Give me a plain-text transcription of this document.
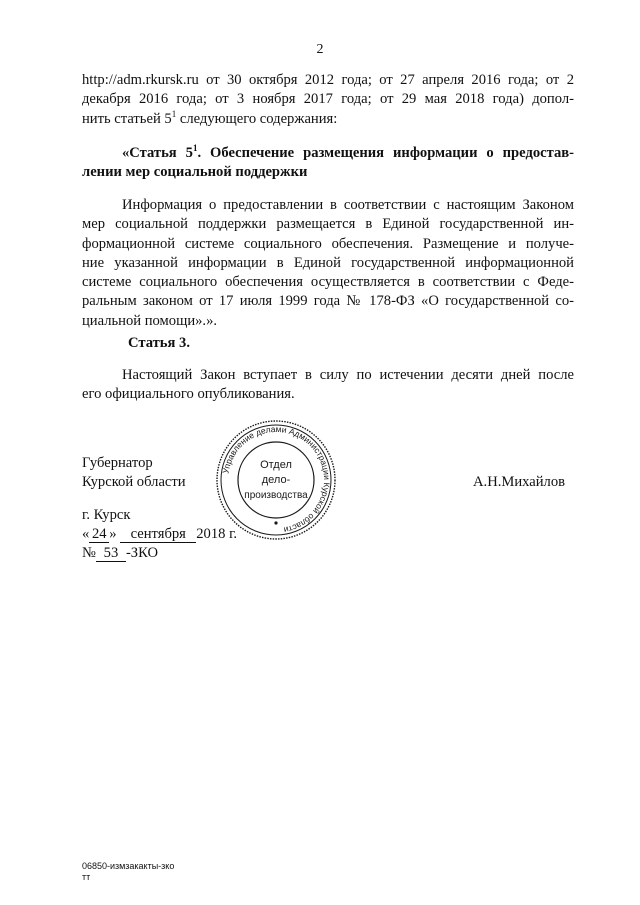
2
http://adm.rkursk.ru от 30 октября 2012 года; от 27 апреля 2016 года; от 2
декабря 2016 года; от 3 ноября 2017 года; от 29 мая 2018 года) допол-
нить статьей $5^1$ следующего содержания:
«Статья $5^1$. Обеспечение размещения информации о предостав-
лении мер социальной поддержки
Информация о предоставлении в соответствии с настоящим Законом
мер социальной поддержки размещается в Единой государственной ин-
формационной системе социального обеспечения. Размещение и получе-
ние указанной информации в Единой государственной информационной
системе социального обеспечения осуществляется в соответствии с Феде-
ральным законом от 17 июля 1999 года № 178-ФЗ «О государственной со-
циальной помощи».».
Статья 3.
Настоящий Закон вступает в силу по истечении десяти дней после
его официального опубликования.
Губернатор
Курской области	А.Н.Михайлов
Управление делами Администрации Курской области
Отдел
дело-
производства
г. Курск
« 24 » сентября 2018 г.
№ 53 -ЗКО
06850-измзакакты-зко
тт
